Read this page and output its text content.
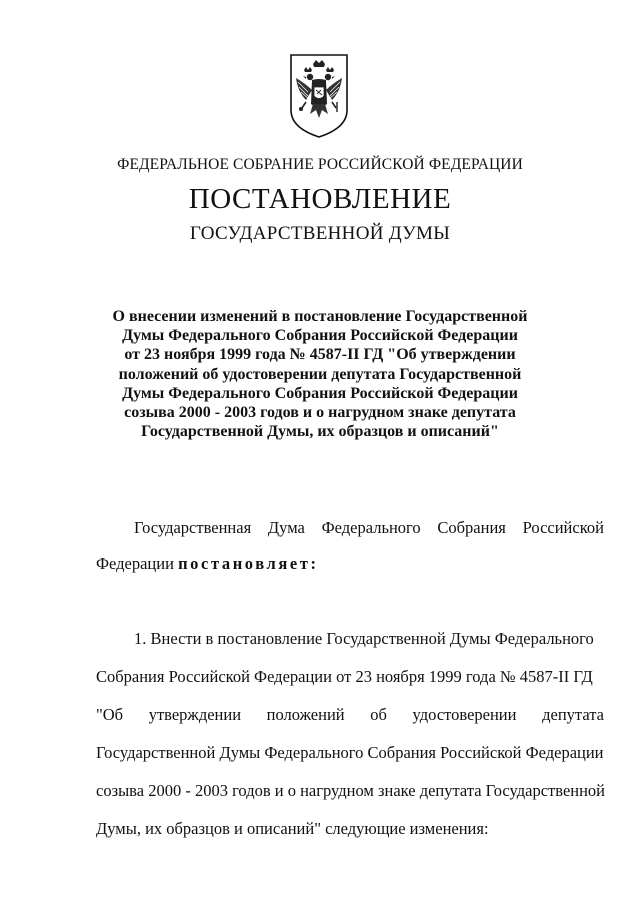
ФЕДЕРАЛЬНОЕ СОБРАНИЕ РОССИЙСКОЙ ФЕДЕРАЦИИ
ПОСТАНОВЛЕНИЕ
ГОСУДАРСТВЕННОЙ ДУМЫ
О внесении изменений в постановление Государственной
Думы Федерального Собрания Российской Федерации
от 23 ноября 1999 года № 4587-II ГД "Об утверждении
положений об удостоверении депутата Государственной
Думы Федерального Собрания Российской Федерации
созыва 2000 - 2003 годов и о нагрудном знаке депутата
Государственной Думы, их образцов и описаний"
Государственная Дума Федерального Собрания Российской
Федерации постановляет:
1. Внести в постановление Государственной Думы Федерального
Собрания Российской Федерации от 23 ноября 1999 года № 4587-II ГД
"Об утверждении положений об удостоверении депутата
Государственной Думы Федерального Собрания Российской Федерации
созыва 2000 - 2003 годов и о нагрудном знаке депутата Государственной
Думы, их образцов и описаний" следующие изменения:
